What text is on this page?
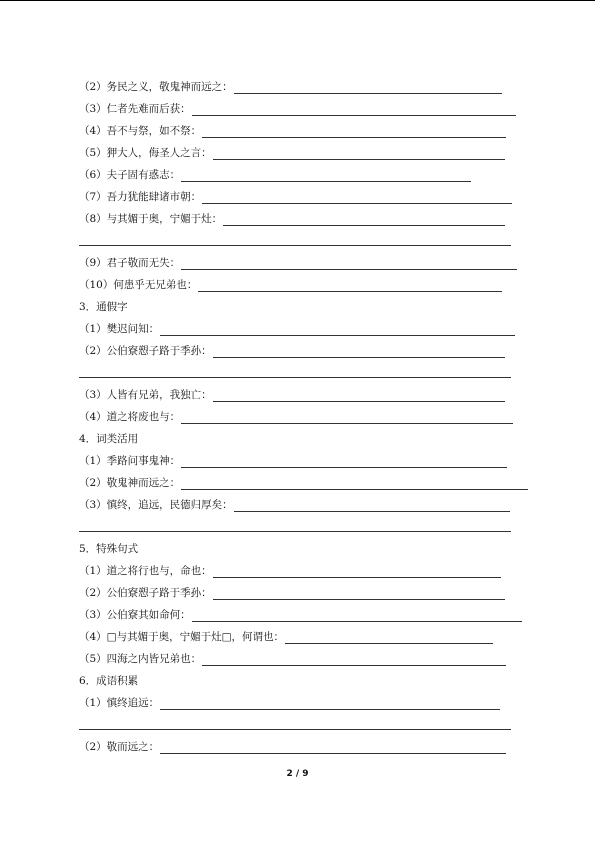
（2）务民之义，敬鬼神而远之：
（3）仁者先难而后获：
（4）吾不与祭，如不祭：
（5）狎大人，侮圣人之言：
（6）夫子固有惑志：
（7）吾力犹能肆诸市朝：
（8）与其媚于奥，宁媚于灶：
（9）君子敬而无失：
（10）何患乎无兄弟也：
3．通假字
（1）樊迟问知：
（2）公伯寮愬子路于季孙：
（3）人皆有兄弟，我独亡：
（4）道之将废也与：
4．词类活用
（1）季路问事鬼神：
（2）敬鬼神而远之：
（3）慎终，追远，民德归厚矣：
5．特殊句式
（1）道之将行也与，命也：
（2）公伯寮愬子路于季孙：
（3）公伯寮其如命何：
（4）□与其媚于奥，宁媚于灶□，何谓也：
（5）四海之内皆兄弟也：
6．成语积累
（1）慎终追远：
（2）敬而远之：
2 / 9
